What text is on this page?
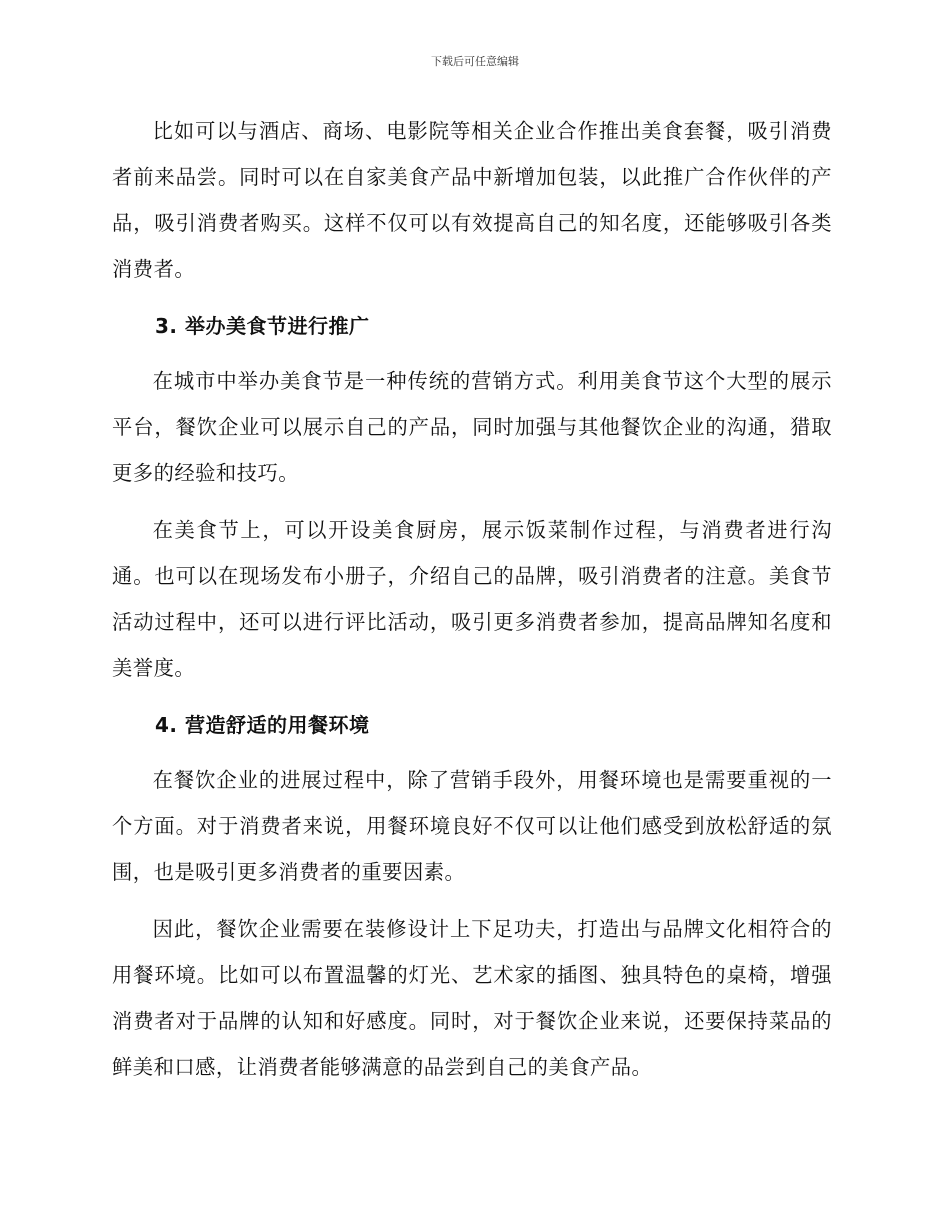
下载后可任意编辑

比如可以与酒店、商场、电影院等相关企业合作推出美食套餐，吸引消费者前来品尝。同时可以在自家美食产品中新增加包装，以此推广合作伙伴的产品，吸引消费者购买。这样不仅可以有效提高自己的知名度，还能够吸引各类消费者。

3. 举办美食节进行推广

在城市中举办美食节是一种传统的营销方式。利用美食节这个大型的展示平台，餐饮企业可以展示自己的产品，同时加强与其他餐饮企业的沟通，猎取更多的经验和技巧。

在美食节上，可以开设美食厨房，展示饭菜制作过程，与消费者进行沟通。也可以在现场发布小册子，介绍自己的品牌，吸引消费者的注意。美食节活动过程中，还可以进行评比活动，吸引更多消费者参加，提高品牌知名度和美誉度。

4. 营造舒适的用餐环境

在餐饮企业的进展过程中，除了营销手段外，用餐环境也是需要重视的一个方面。对于消费者来说，用餐环境良好不仅可以让他们感受到放松舒适的氛围，也是吸引更多消费者的重要因素。

因此，餐饮企业需要在装修设计上下足功夫，打造出与品牌文化相符合的用餐环境。比如可以布置温馨的灯光、艺术家的插图、独具特色的桌椅，增强消费者对于品牌的认知和好感度。同时，对于餐饮企业来说，还要保持菜品的鲜美和口感，让消费者能够满意的品尝到自己的美食产品。
